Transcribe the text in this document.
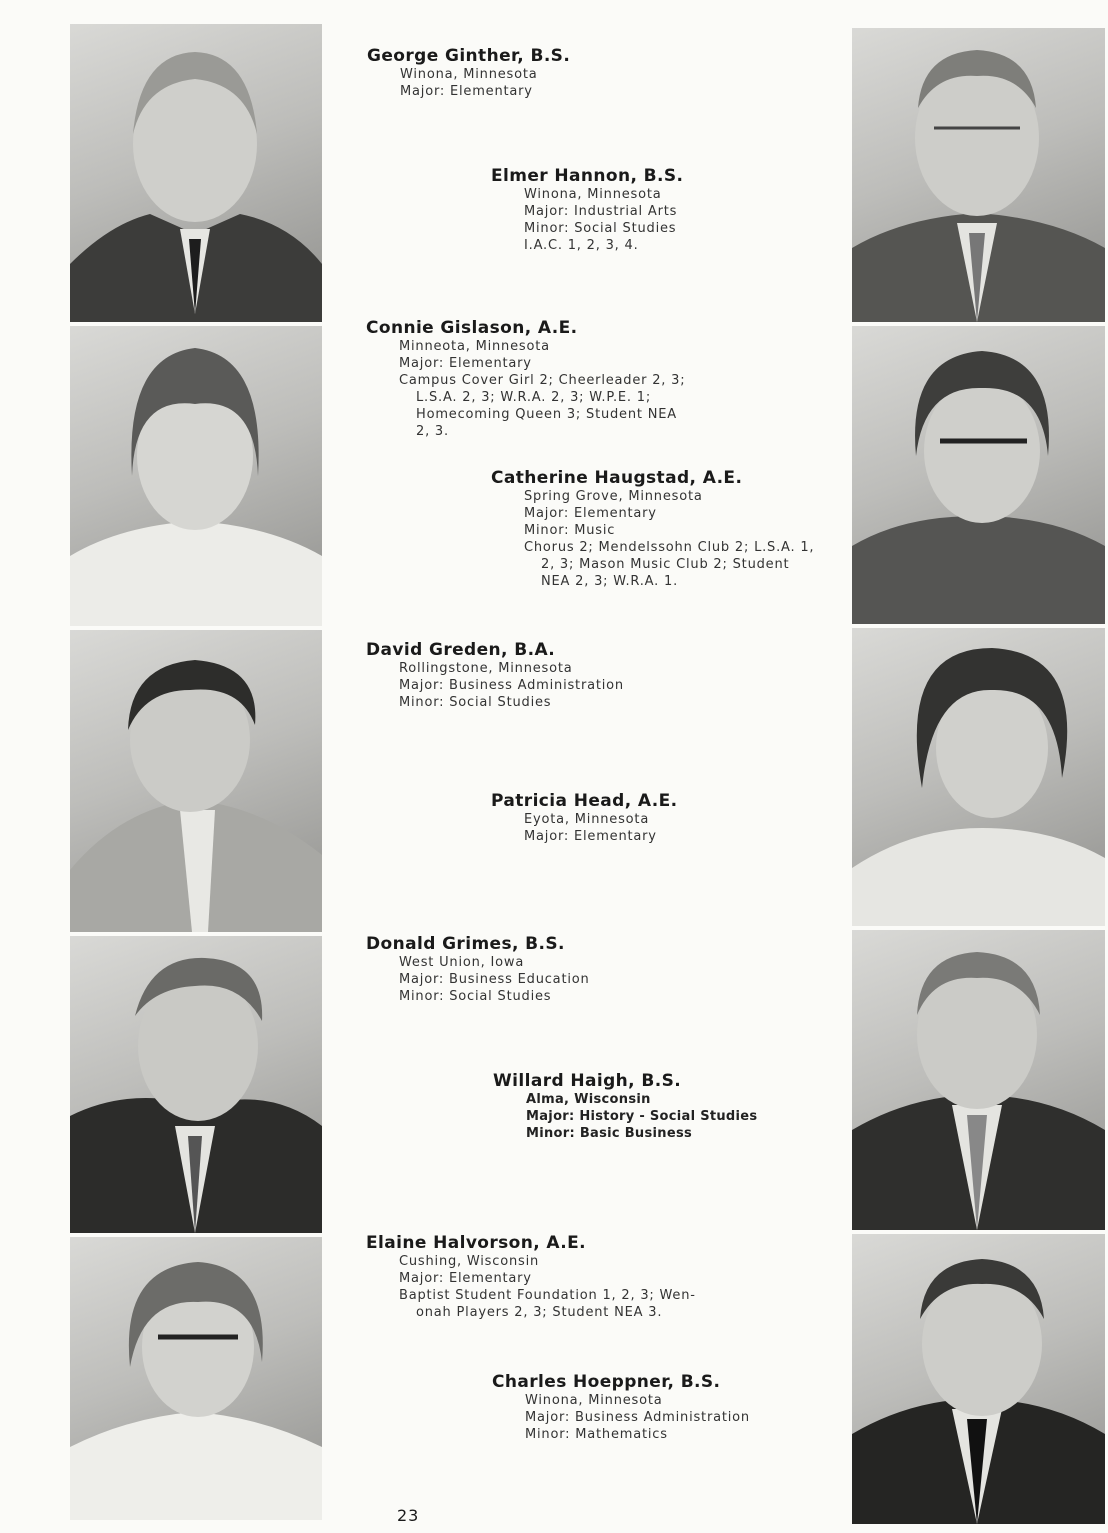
George Ginther, B.S.
Winona, Minnesota
Major: Elementary
Elmer Hannon, B.S.
Winona, Minnesota
Major: Industrial Arts
Minor: Social Studies
I.A.C. 1, 2, 3, 4.
Connie Gislason, A.E.
Minneota, Minnesota
Major: Elementary
Campus Cover Girl 2; Cheerleader 2, 3;
L.S.A. 2, 3; W.R.A. 2, 3; W.P.E. 1;
Homecoming Queen 3; Student NEA
2, 3.
Catherine Haugstad, A.E.
Spring Grove, Minnesota
Major: Elementary
Minor: Music
Chorus 2; Mendelssohn Club 2; L.S.A. 1,
2, 3; Mason Music Club 2; Student
NEA 2, 3; W.R.A. 1.
David Greden, B.A.
Rollingstone, Minnesota
Major: Business Administration
Minor: Social Studies
Patricia Head, A.E.
Eyota, Minnesota
Major: Elementary
Donald Grimes, B.S.
West Union, Iowa
Major: Business Education
Minor: Social Studies
Willard Haigh, B.S.
Alma, Wisconsin
Major: History - Social Studies
Minor: Basic Business
Elaine Halvorson, A.E.
Cushing, Wisconsin
Major: Elementary
Baptist Student Foundation 1, 2, 3; Wen-
onah Players 2, 3; Student NEA 3.
Charles Hoeppner, B.S.
Winona, Minnesota
Major: Business Administration
Minor: Mathematics
23
